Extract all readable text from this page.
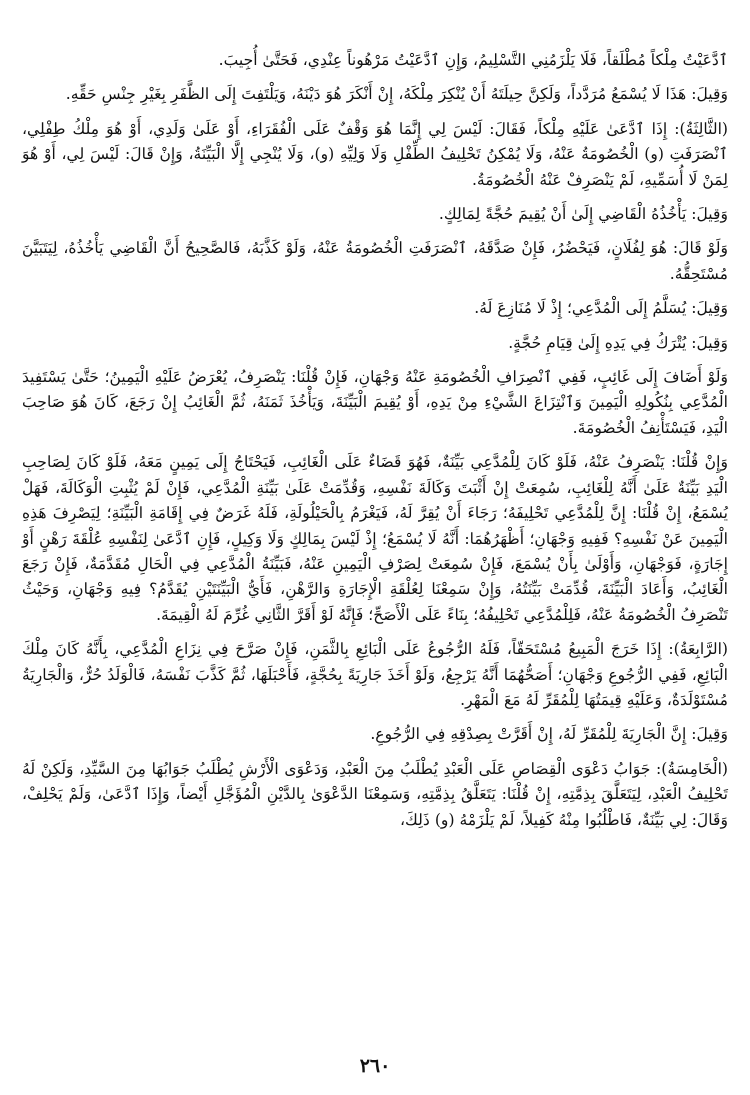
ٱدَّعَيْتُ مِلْكاً مُطْلَقاً، فَلَا يَلْزَمُنِي التَّسْلِيمُ، وَإِنِ ٱدَّعَيْتُ مَرْهُوناً عِنْدِي، فَحَتَّىٰ أُجِيبَ.

وَقِيلَ: هَذَا لَا يُسْمَعُ مُرَدَّداً، وَلَكِنَّ حِيلَتَهُ أَنْ يُنْكِرَ مِلْكَهُ، إِنْ أَنْكَرَ هُوَ دَيْنَهُ، وَيَلْتَفِتَ إِلَى الظَّفَرِ بِغَيْرِ جِنْسِ حَقِّهِ.

(الثَّالِثَةُ): إِذَا ٱدَّعَىٰ عَلَيْهِ مِلْكاً، فَقَالَ: لَيْسَ لِي إِنَّمَا هُوَ وَقْفٌ عَلَى الْفُقَرَاءِ، أَوْ عَلَىٰ وَلَدِي، أَوْ هُوَ مِلْكُ طِفْلِي، ٱنْصَرَفَتِ (و) الْخُصُومَةُ عَنْهُ، وَلَا يُمْكِنُ تَحْلِيفُ الطِّفْلِ وَلَا وَلِيِّهِ (و)، وَلَا يُنْجِي إِلَّا الْبَيِّنَةُ، وَإِنْ قَالَ: لَيْسَ لِي، أَوْ هُوَ لِمَنْ لَا أُسَمِّيهِ، لَمْ يَنْصَرِفْ عَنْهُ الْخُصُومَةُ.

وَقِيلَ: يَأْخُذُهُ الْقَاضِي إِلَىٰ أَنْ يُقِيمَ حُجَّةً لِمَالِكٍ.

وَلَوْ قَالَ: هُوَ لِفُلَانٍ، فَيَحْضُرُ، فَإِنْ صَدَّقَهُ، ٱنْصَرَفَتِ الْخُصُومَةُ عَنْهُ، وَلَوْ كَذَّبَهُ، فَالصَّحِيحُ أَنَّ الْقَاضِي يَأْخُذُهُ، لِيَتَبَيَّنَ مُسْتَحِقُّهُ.

وَقِيلَ: يُسَلَّمُ إِلَى الْمُدَّعِي؛ إِذْ لَا مُنَازِعَ لَهُ.

وَقِيلَ: يُتْرَكُ فِي يَدِهِ إِلَىٰ قِيَامِ حُجَّةٍ.

وَلَوْ أَضَافَ إِلَى غَائِبٍ، فَفِي ٱنْصِرَافِ الْخُصُومَةِ عَنْهُ وَجْهَانِ، فَإِنْ قُلْنَا: يَنْصَرِفُ، يُعْرَضُ عَلَيْهِ الْيَمِينُ؛ حَتَّىٰ يَسْتَفِيدَ الْمُدَّعِي بِنُكُولِهِ الْيَمِينَ وَٱنْتِزَاعَ الشَّيْءِ مِنْ يَدِهِ، أَوْ يُقِيمَ الْبَيِّنَةَ، وَيَأْخُذَ ثَمَنَهُ، ثُمَّ الْغَائِبُ إِنْ رَجَعَ، كَانَ هُوَ صَاحِبَ الْيَدِ، فَيَسْتَأْنِفُ الْخُصُومَةَ.

وَإِنْ قُلْنَا: يَنْصَرِفُ عَنْهُ، فَلَوْ كَانَ لِلْمُدَّعِي بَيِّنَةٌ، فَهُوَ قَضَاءٌ عَلَى الْغَائِبِ، فَيَحْتَاجُ إِلَى يَمِينٍ مَعَهُ، فَلَوْ كَانَ لِصَاحِبِ الْيَدِ بَيِّنَةٌ عَلَىٰ أَنَّهُ لِلْغَائِبِ، سُمِعَتْ إِنْ أَثْبَتَ وَكَالَةَ نَفْسِهِ، وَقُدِّمَتْ عَلَىٰ بَيِّنَةِ الْمُدَّعِي، فَإِنْ لَمْ يُثْبِتِ الْوَكَالَةَ، فَهَلْ يُسْمَعُ، إِنْ قُلْنَا: إِنَّ لِلْمُدَّعِي تَحْلِيفَهُ؛ رَجَاءَ أَنْ يُقِرَّ لَهُ، فَيَغْرَمُ بِالْحَيْلُولَةِ، فَلَهُ غَرَضٌ فِي إِقَامَةِ الْبَيِّنَةِ؛ لِيَصْرِفَ هَذِهِ الْيَمِينَ عَنْ نَفْسِهِ؟ فَفِيهِ وَجْهَانِ؛ أَظْهَرُهُمَا: أَنَّهُ لَا يُسْمَعُ؛ إِذْ لَيْسَ بِمَالِكٍ وَلَا وَكِيلٍ، فَإِنِ ٱدَّعَىٰ لِنَفْسِهِ عُلْقَةَ رَهْنٍ أَوْ إِجَارَةٍ، فَوَجْهَانِ، وَأَوْلَىٰ بِأَنْ يُسْمَعَ، فَإِنْ سُمِعَتْ لِصَرْفِ الْيَمِينِ عَنْهُ، فَبَيِّنَةُ الْمُدَّعِي فِي الْحَالِ مُقَدَّمَةٌ، فَإِنْ رَجَعَ الْغَائِبُ، وَأَعَادَ الْبَيِّنَةَ، قُدِّمَتْ بَيِّنَتُهُ، وَإِنْ سَمِعْنَا لِعُلْقَةِ الْإِجَارَةِ وَالرَّهْنِ، فَأَيُّ الْبَيِّنَتَيْنِ يُقَدَّمُ؟ فِيهِ وَجْهَانِ، وَحَيْثُ تَنْصَرِفُ الْخُصُومَةُ عَنْهُ، فَلِلْمُدَّعِي تَحْلِيفُهُ؛ بِنَاءً عَلَى الْأَصَحِّ؛ فَإِنَّهُ لَوْ أَقَرَّ الثَّانِي غُرِّمَ لَهُ الْقِيمَةَ.

(الرَّابِعَةُ): إِذَا خَرَجَ الْمَبِيعُ مُسْتَحَقّاً، فَلَهُ الرُّجُوعُ عَلَى الْبَائِعِ بِالثَّمَنِ، فَإِنْ صَرَّحَ فِي نِزَاعِ الْمُدَّعِي، بِأَنَّهُ كَانَ مِلْكَ الْبَائِعِ، فَفِي الرُّجُوعِ وَجْهَانِ؛ أَصَحُّهُمَا أَنَّهُ يَرْجِعُ، وَلَوْ أَخَذَ جَارِيَةً بِحُجَّةٍ، فَأَحْبَلَهَا، ثُمَّ كَذَّبَ نَفْسَهُ، فَالْوَلَدُ حُرٌّ، وَالْجَارِيَةُ مُسْتَوْلَدَةٌ، وَعَلَيْهِ قِيمَتُهَا لِلْمُقَرِّ لَهُ مَعَ الْمَهْرِ.

وَقِيلَ: إِنَّ الْجَارِيَةَ لِلْمُقَرِّ لَهُ، إِنْ أَقَرَّتْ بِصِدْقِهِ فِي الرُّجُوعِ.

(الْخَامِسَةُ): جَوَابُ دَعْوَى الْقِصَاصِ عَلَى الْعَبْدِ يُطْلَبُ مِنَ الْعَبْدِ، وَدَعْوَى الْأَرْشِ يُطْلَبُ جَوَابُهَا مِنَ السَّيِّدِ، وَلَكِنْ لَهُ تَحْلِيفُ الْعَبْدِ، لِيَتَعَلَّقَ بِذِمَّتِهِ، إِنْ قُلْنَا: يَتَعَلَّقُ بِذِمَّتِهِ، وَسَمِعْنَا الدَّعْوَىٰ بِالدَّيْنِ الْمُؤَجَّلِ أَيْضاً، وَإِذَا ٱدَّعَىٰ، وَلَمْ يَحْلِفْ، وَقَالَ: لِي بَيِّنَةٌ، فَاطْلُبُوا مِنْهُ كَفِيلاً، لَمْ يَلْزَمْهُ (و) ذَلِكَ،

٢٦٠
